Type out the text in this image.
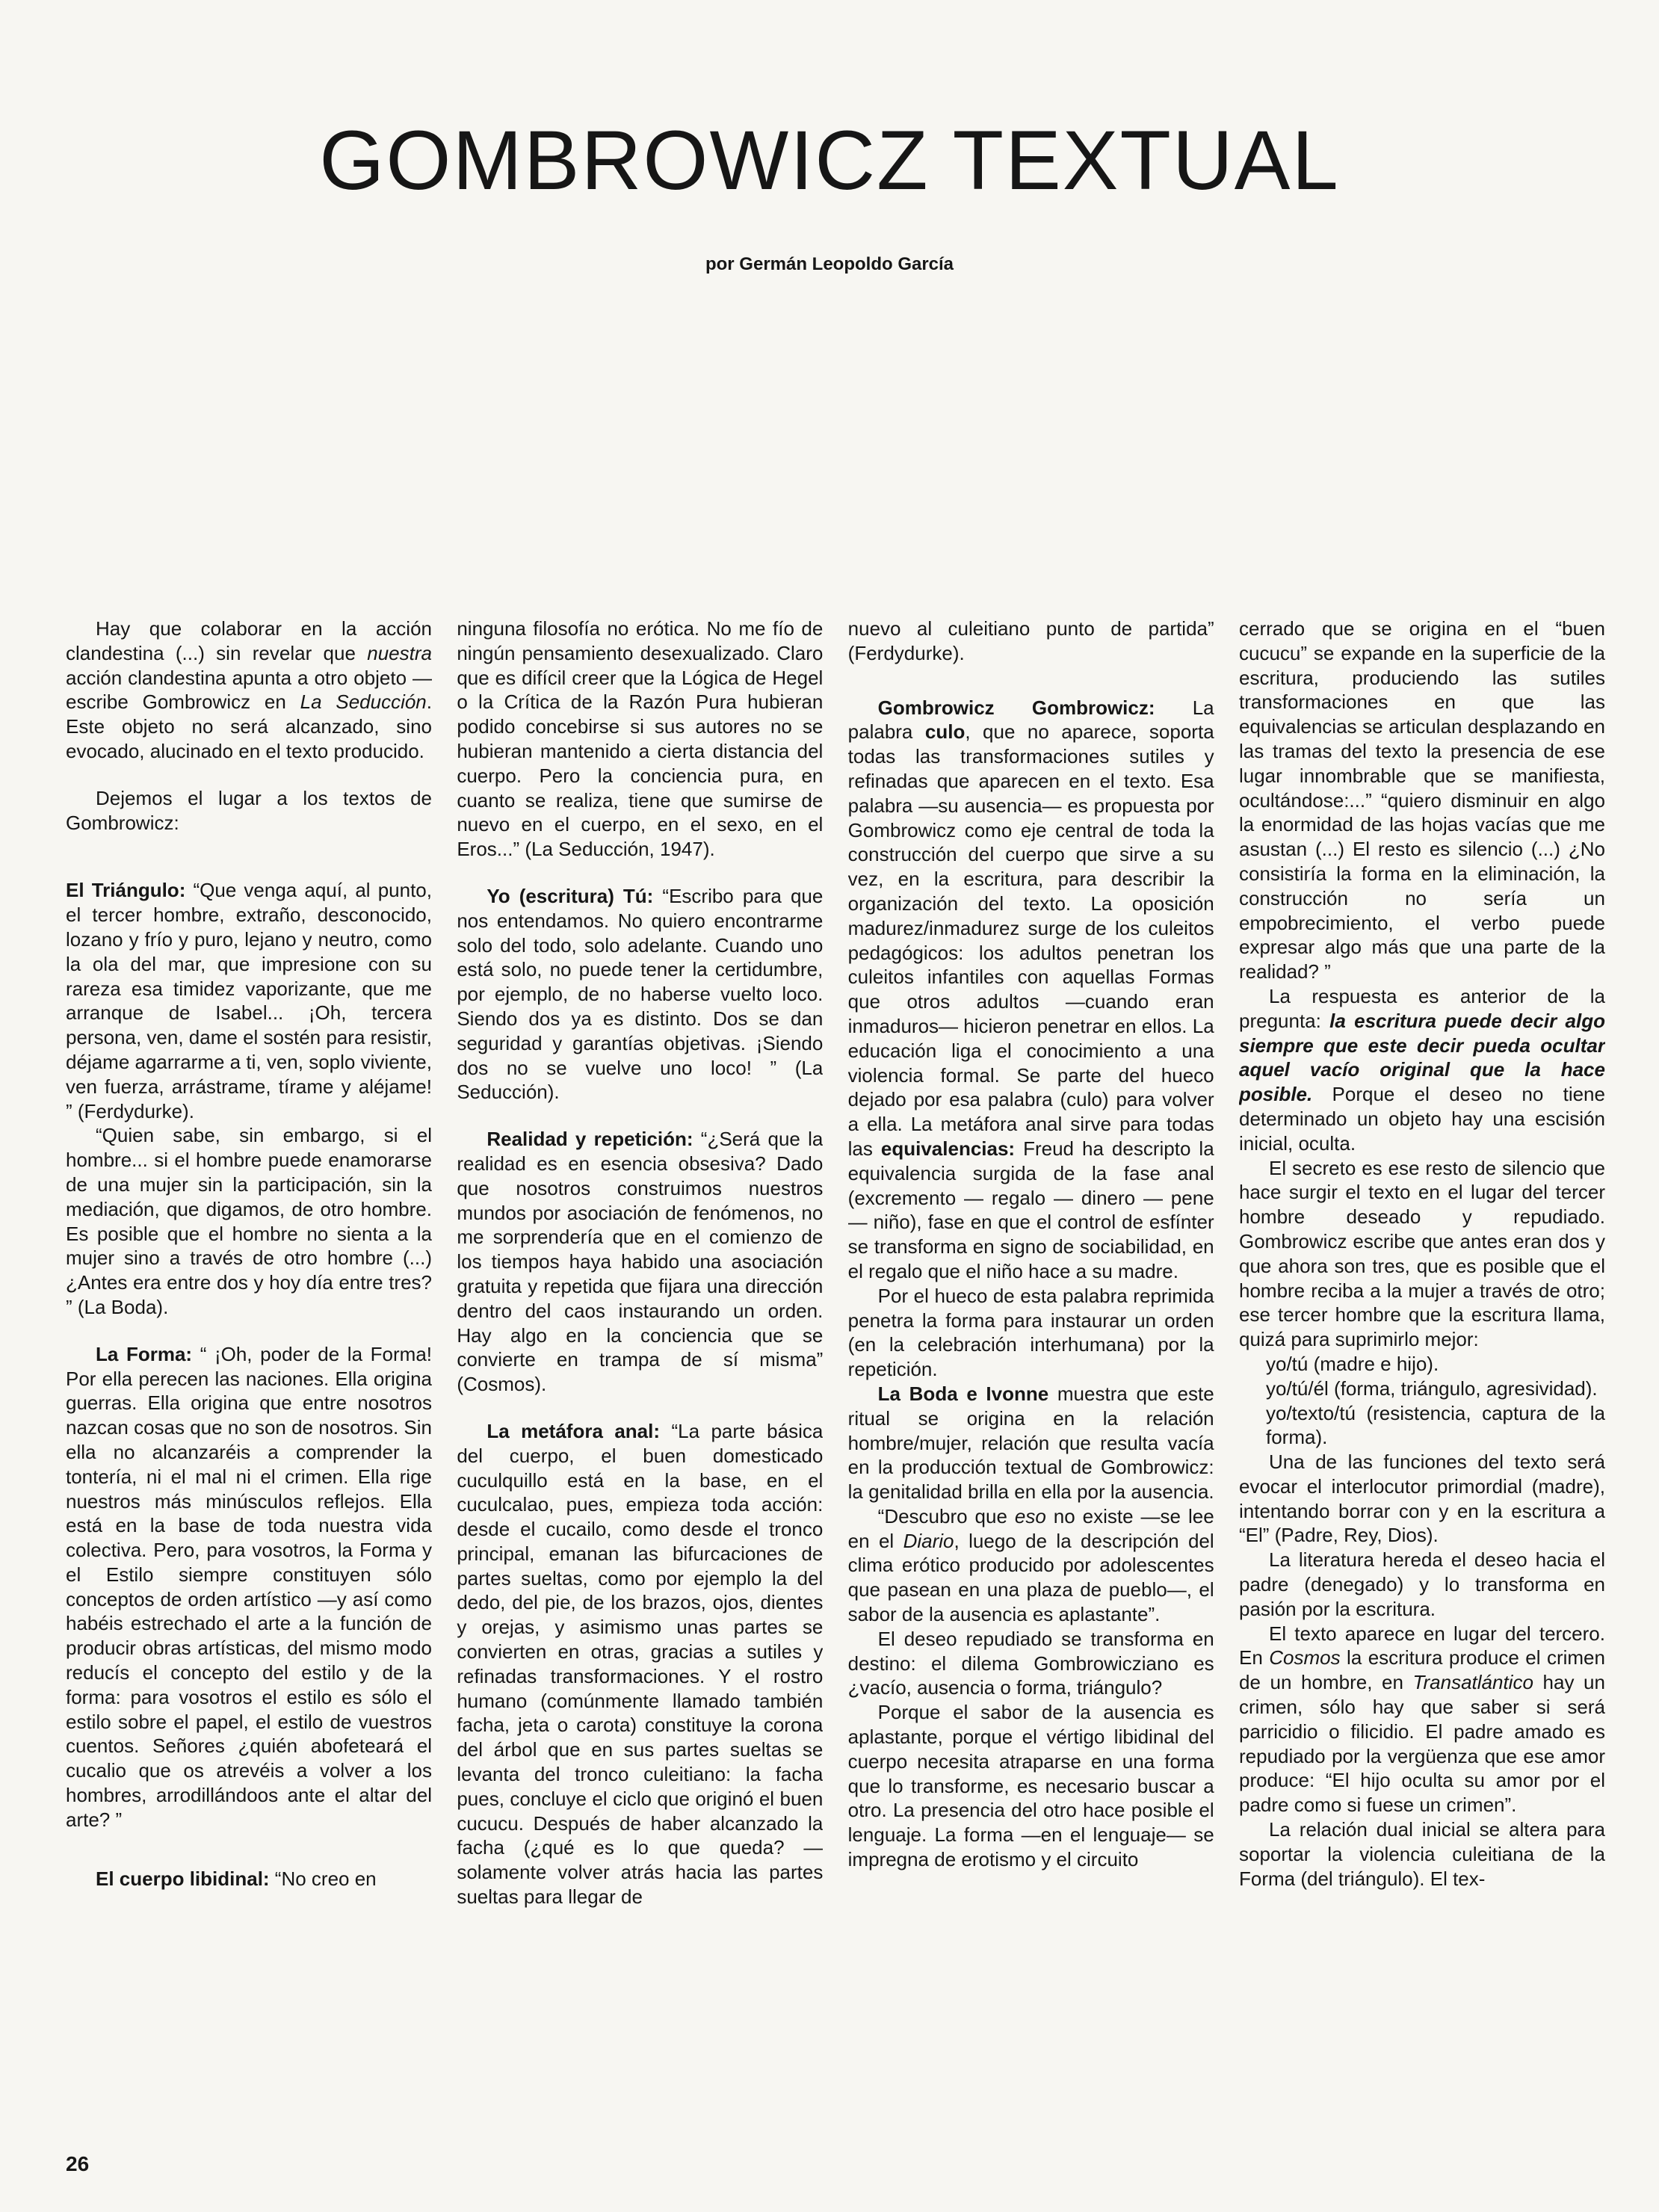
GOMBROWICZ TEXTUAL

por Germán Leopoldo García

Hay que colaborar en la acción clandestina (...) sin revelar que nuestra acción clandestina apunta a otro objeto —escribe Gombrowicz en La Seducción. Este objeto no será alcanzado, sino evocado, alucinado en el texto producido.

Dejemos el lugar a los textos de Gombrowicz:

El Triángulo: “Que venga aquí, al punto, el tercer hombre, extraño, desconocido, lozano y frío y puro, lejano y neutro, como la ola del mar, que impresione con su rareza esa timidez vaporizante, que me arranque de Isabel... ¡Oh, tercera persona, ven, dame el sostén para resistir, déjame agarrarme a ti, ven, soplo viviente, ven fuerza, arrástrame, tírame y aléjame! ” (Ferdydurke).

“Quien sabe, sin embargo, si el hombre... si el hombre puede enamorarse de una mujer sin la participación, sin la mediación, que digamos, de otro hombre. Es posible que el hombre no sienta a la mujer sino a través de otro hombre (...) ¿Antes era entre dos y hoy día entre tres? ” (La Boda).

La Forma: “ ¡Oh, poder de la Forma! Por ella perecen las naciones. Ella origina guerras. Ella origina que entre nosotros nazcan cosas que no son de nosotros. Sin ella no alcanzaréis a comprender la tontería, ni el mal ni el crimen. Ella rige nuestros más minúsculos reflejos. Ella está en la base de toda nuestra vida colectiva. Pero, para vosotros, la Forma y el Estilo siempre constituyen sólo conceptos de orden artístico —y así como habéis estrechado el arte a la función de producir obras artísticas, del mismo modo reducís el concepto del estilo y de la forma: para vosotros el estilo es sólo el estilo sobre el papel, el estilo de vuestros cuentos. Señores ¿quién abofeteará el cucalio que os atrevéis a volver a los hombres, arrodillándoos ante el altar del arte? ”

El cuerpo libidinal: “No creo en

ninguna filosofía no erótica. No me fío de ningún pensamiento desexualizado. Claro que es difícil creer que la Lógica de Hegel o la Crítica de la Razón Pura hubieran podido concebirse si sus autores no se hubieran mantenido a cierta distancia del cuerpo. Pero la conciencia pura, en cuanto se realiza, tiene que sumirse de nuevo en el cuerpo, en el sexo, en el Eros...” (La Seducción, 1947).

Yo (escritura) Tú: “Escribo para que nos entendamos. No quiero encontrarme solo del todo, solo adelante. Cuando uno está solo, no puede tener la certidumbre, por ejemplo, de no haberse vuelto loco. Siendo dos ya es distinto. Dos se dan seguridad y garantías objetivas. ¡Siendo dos no se vuelve uno loco! ” (La Seducción).

Realidad y repetición: “¿Será que la realidad es en esencia obsesiva? Dado que nosotros construimos nuestros mundos por asociación de fenómenos, no me sorprendería que en el comienzo de los tiempos haya habido una asociación gratuita y repetida que fijara una dirección dentro del caos instaurando un orden. Hay algo en la conciencia que se convierte en trampa de sí misma” (Cosmos).

La metáfora anal: “La parte básica del cuerpo, el buen domesticado cuculquillo está en la base, en el cuculcalao, pues, empieza toda acción: desde el cucailo, como desde el tronco principal, emanan las bifurcaciones de partes sueltas, como por ejemplo la del dedo, del pie, de los brazos, ojos, dientes y orejas, y asimismo unas partes se convierten en otras, gracias a sutiles y refinadas transformaciones. Y el rostro humano (comúnmente llamado también facha, jeta o carota) constituye la corona del árbol que en sus partes sueltas se levanta del tronco culeitiano: la facha pues, concluye el ciclo que originó el buen cucucu. Después de haber alcanzado la facha (¿qué es lo que queda? — solamente volver atrás hacia las partes sueltas para llegar de

nuevo al culeitiano punto de partida” (Ferdydurke).

Gombrowicz Gombrowicz: La palabra culo, que no aparece, soporta todas las transformaciones sutiles y refinadas que aparecen en el texto. Esa palabra —su ausencia— es propuesta por Gombrowicz como eje central de toda la construcción del cuerpo que sirve a su vez, en la escritura, para describir la organización del texto. La oposición madurez/inmadurez surge de los culeitos pedagógicos: los adultos penetran los culeitos infantiles con aquellas Formas que otros adultos —cuando eran inmaduros— hicieron penetrar en ellos. La educación liga el conocimiento a una violencia formal. Se parte del hueco dejado por esa palabra (culo) para volver a ella. La metáfora anal sirve para todas las equivalencias: Freud ha descripto la equivalencia surgida de la fase anal (excremento — regalo — dinero — pene — niño), fase en que el control de esfínter se transforma en signo de sociabilidad, en el regalo que el niño hace a su madre.

Por el hueco de esta palabra reprimida penetra la forma para instaurar un orden (en la celebración interhumana) por la repetición.

La Boda e Ivonne muestra que este ritual se origina en la relación hombre/mujer, relación que resulta vacía en la producción textual de Gombrowicz: la genitalidad brilla en ella por la ausencia.

“Descubro que eso no existe —se lee en el Diario, luego de la descripción del clima erótico producido por adolescentes que pasean en una plaza de pueblo—, el sabor de la ausencia es aplastante”.

El deseo repudiado se transforma en destino: el dilema Gombrowicziano es ¿vacío, ausencia o forma, triángulo?

Porque el sabor de la ausencia es aplastante, porque el vértigo libidinal del cuerpo necesita atraparse en una forma que lo transforme, es necesario buscar a otro. La presencia del otro hace posible el lenguaje. La forma —en el lenguaje— se impregna de erotismo y el circuito

cerrado que se origina en el “buen cucucu” se expande en la superficie de la escritura, produciendo las sutiles transformaciones en que las equivalencias se articulan desplazando en las tramas del texto la presencia de ese lugar innombrable que se manifiesta, ocultándose:...” “quiero disminuir en algo la enormidad de las hojas vacías que me asustan (...) El resto es silencio (...) ¿No consistiría la forma en la eliminación, la construcción no sería un empobrecimiento, el verbo puede expresar algo más que una parte de la realidad? ”

La respuesta es anterior de la pregunta: la escritura puede decir algo siempre que este decir pueda ocultar aquel vacío original que la hace posible. Porque el deseo no tiene determinado un objeto hay una escisión inicial, oculta.

El secreto es ese resto de silencio que hace surgir el texto en el lugar del tercer hombre deseado y repudiado. Gombrowicz escribe que antes eran dos y que ahora son tres, que es posible que el hombre reciba a la mujer a través de otro; ese tercer hombre que la escritura llama, quizá para suprimirlo mejor:

yo/tú (madre e hijo).

yo/tú/él (forma, triángulo, agresividad).

yo/texto/tú (resistencia, captura de la forma).

Una de las funciones del texto será evocar el interlocutor primordial (madre), intentando borrar con y en la escritura a “El” (Padre, Rey, Dios).

La literatura hereda el deseo hacia el padre (denegado) y lo transforma en pasión por la escritura.

El texto aparece en lugar del tercero. En Cosmos la escritura produce el crimen de un hombre, en Transatlántico hay un crimen, sólo hay que saber si será parricidio o filicidio. El padre amado es repudiado por la vergüenza que ese amor produce: “El hijo oculta su amor por el padre como si fuese un crimen”.

La relación dual inicial se altera para soportar la violencia culeitiana de la Forma (del triángulo). El tex-

26
